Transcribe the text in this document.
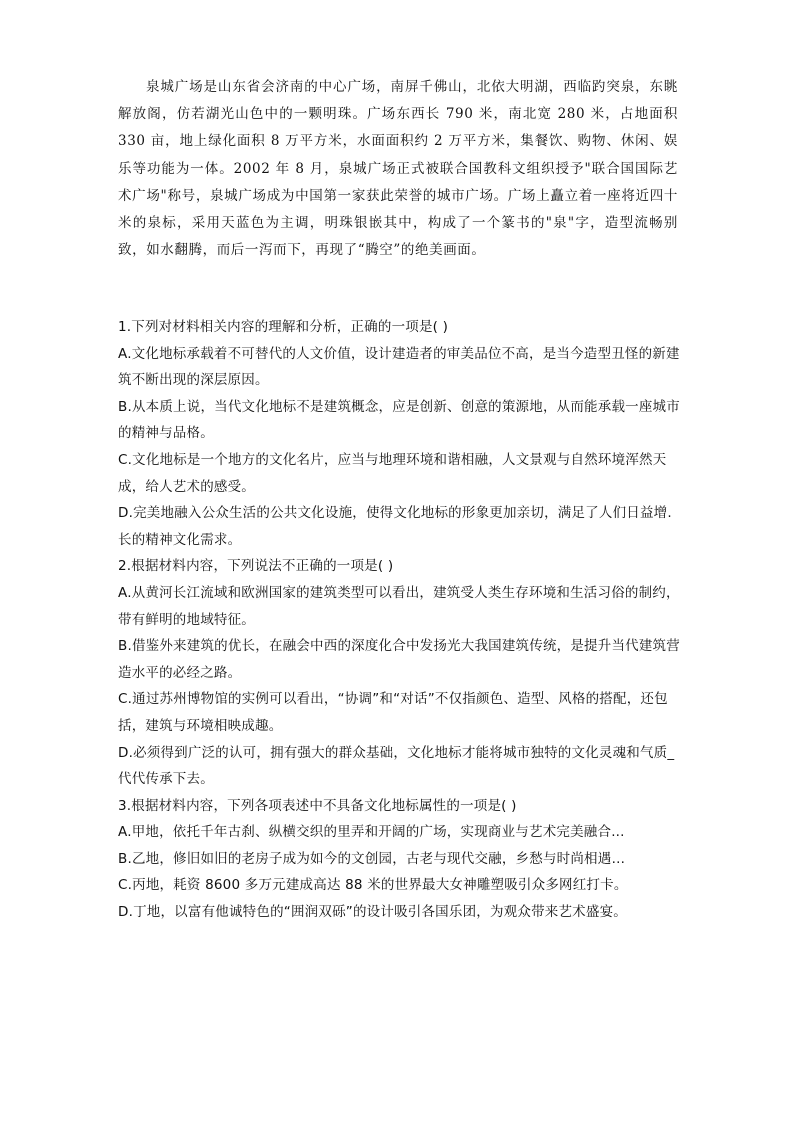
泉城广场是山东省会济南的中心广场，南屏千佛山，北依大明湖，西临趵突泉，东眺解放阁，仿若湖光山色中的一颗明珠。广场东西长 790 米，南北宽 280 米，占地面积 330 亩，地上绿化面积 8 万平方米，水面面积约 2 万平方米，集餐饮、购物、休闲、娱乐等功能为一体。2002 年 8 月，泉城广场正式被联合国教科文组织授予"联合国国际艺术广场"称号，泉城广场成为中国第一家获此荣誉的城市广场。广场上矗立着一座将近四十米的泉标，采用天蓝色为主调，明珠银嵌其中，构成了一个篆书的"泉"字，造型流畅别致，如水翻腾，而后一泻而下，再现了“腾空”的绝美画面。

1.下列对材料相关内容的理解和分析，正确的一项是( )
A.文化地标承载着不可替代的人文价值，设计建造者的审美品位不高，是当今造型丑怪的新建筑不断出现的深层原因。
B.从本质上说，当代文化地标不是建筑概念，应是创新、创意的策源地，从而能承载一座城市的精神与品格。
C.文化地标是一个地方的文化名片，应当与地理环境和谐相融，人文景观与自然环境浑然天成，给人艺术的感受。
D.完美地融入公众生活的公共文化设施，使得文化地标的形象更加亲切，满足了人们日益增.长的精神文化需求。
2.根据材料内容，下列说法不正确的一项是( )
A.从黄河长江流域和欧洲国家的建筑类型可以看出，建筑受人类生存环境和生活习俗的制约，带有鲜明的地域特征。
B.借鉴外来建筑的优长，在融会中西的深度化合中发扬光大我国建筑传统，是提升当代建筑营造水平的必经之路。
C.通过苏州博物馆的实例可以看出，“协调”和“对话”不仅指颜色、造型、风格的搭配，还包括，建筑与环境相映成趣。
D.必须得到广泛的认可，拥有强大的群众基础，文化地标才能将城市独特的文化灵魂和气质_代代传承下去。
3.根据材料内容，下列各项表述中不具备文化地标属性的一项是( )
A.甲地，依托千年古刹、纵横交织的里弄和开阔的广场，实现商业与艺术完美融合...
B.乙地，修旧如旧的老房子成为如今的文创园，古老与现代交融，乡愁与时尚相遇…
C.丙地，耗资 8600 多万元建成高达 88 米的世界最大女神雕塑吸引众多网红打卡。
D.丁地，以富有他诚特色的“囲润双砾”的设计吸引各国乐团，为观众带来艺术盛宴。
